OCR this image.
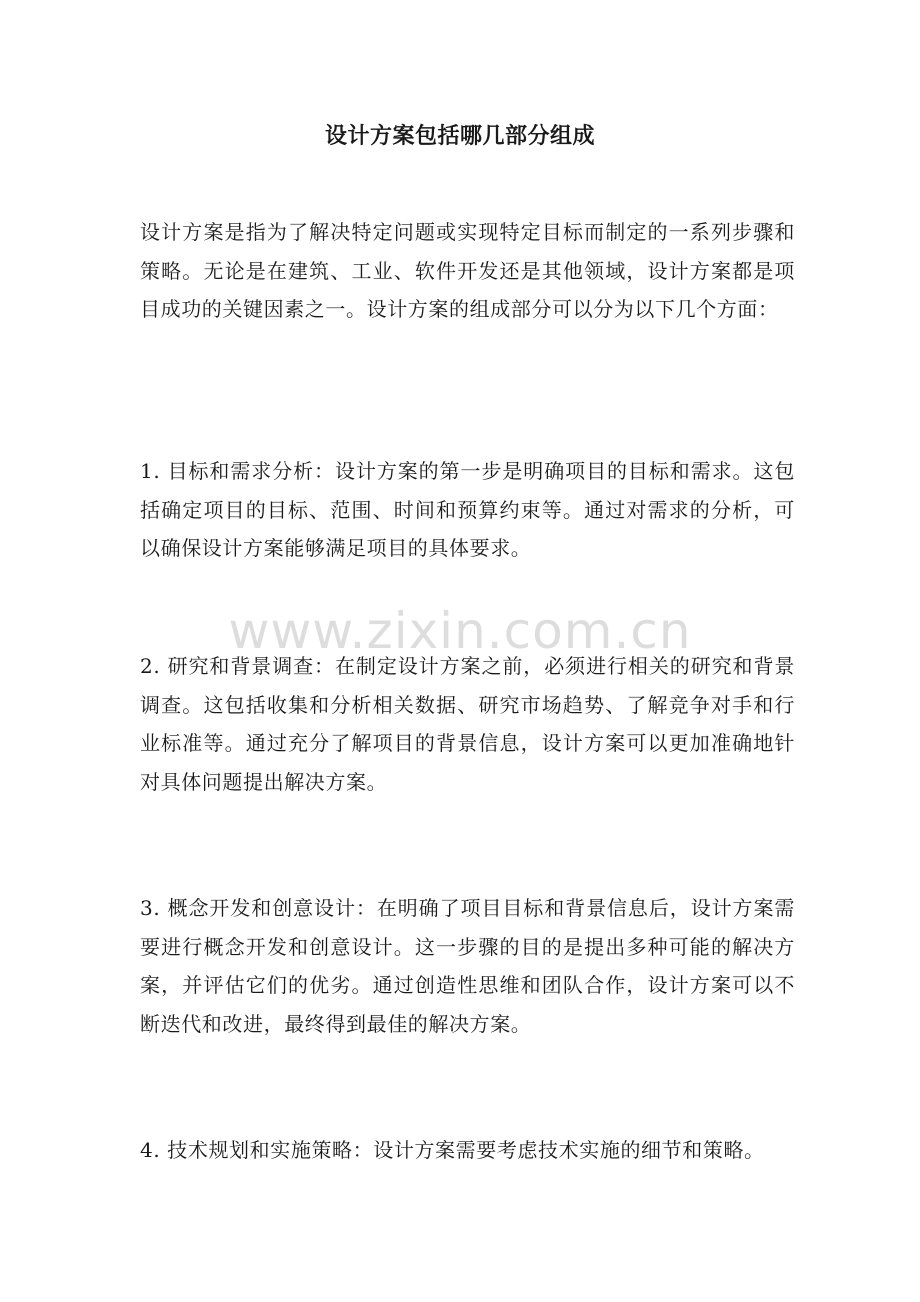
设计方案包括哪几部分组成

设计方案是指为了解决特定问题或实现特定目标而制定的一系列步骤和策略。无论是在建筑、工业、软件开发还是其他领域，设计方案都是项目成功的关键因素之一。设计方案的组成部分可以分为以下几个方面：

1. 目标和需求分析：设计方案的第一步是明确项目的目标和需求。这包括确定项目的目标、范围、时间和预算约束等。通过对需求的分析，可以确保设计方案能够满足项目的具体要求。

www.zixin.com.cn

2. 研究和背景调查：在制定设计方案之前，必须进行相关的研究和背景调查。这包括收集和分析相关数据、研究市场趋势、了解竞争对手和行业标准等。通过充分了解项目的背景信息，设计方案可以更加准确地针对具体问题提出解决方案。

3. 概念开发和创意设计：在明确了项目目标和背景信息后，设计方案需要进行概念开发和创意设计。这一步骤的目的是提出多种可能的解决方案，并评估它们的优劣。通过创造性思维和团队合作，设计方案可以不断迭代和改进，最终得到最佳的解决方案。

4. 技术规划和实施策略：设计方案需要考虑技术实施的细节和策略。
